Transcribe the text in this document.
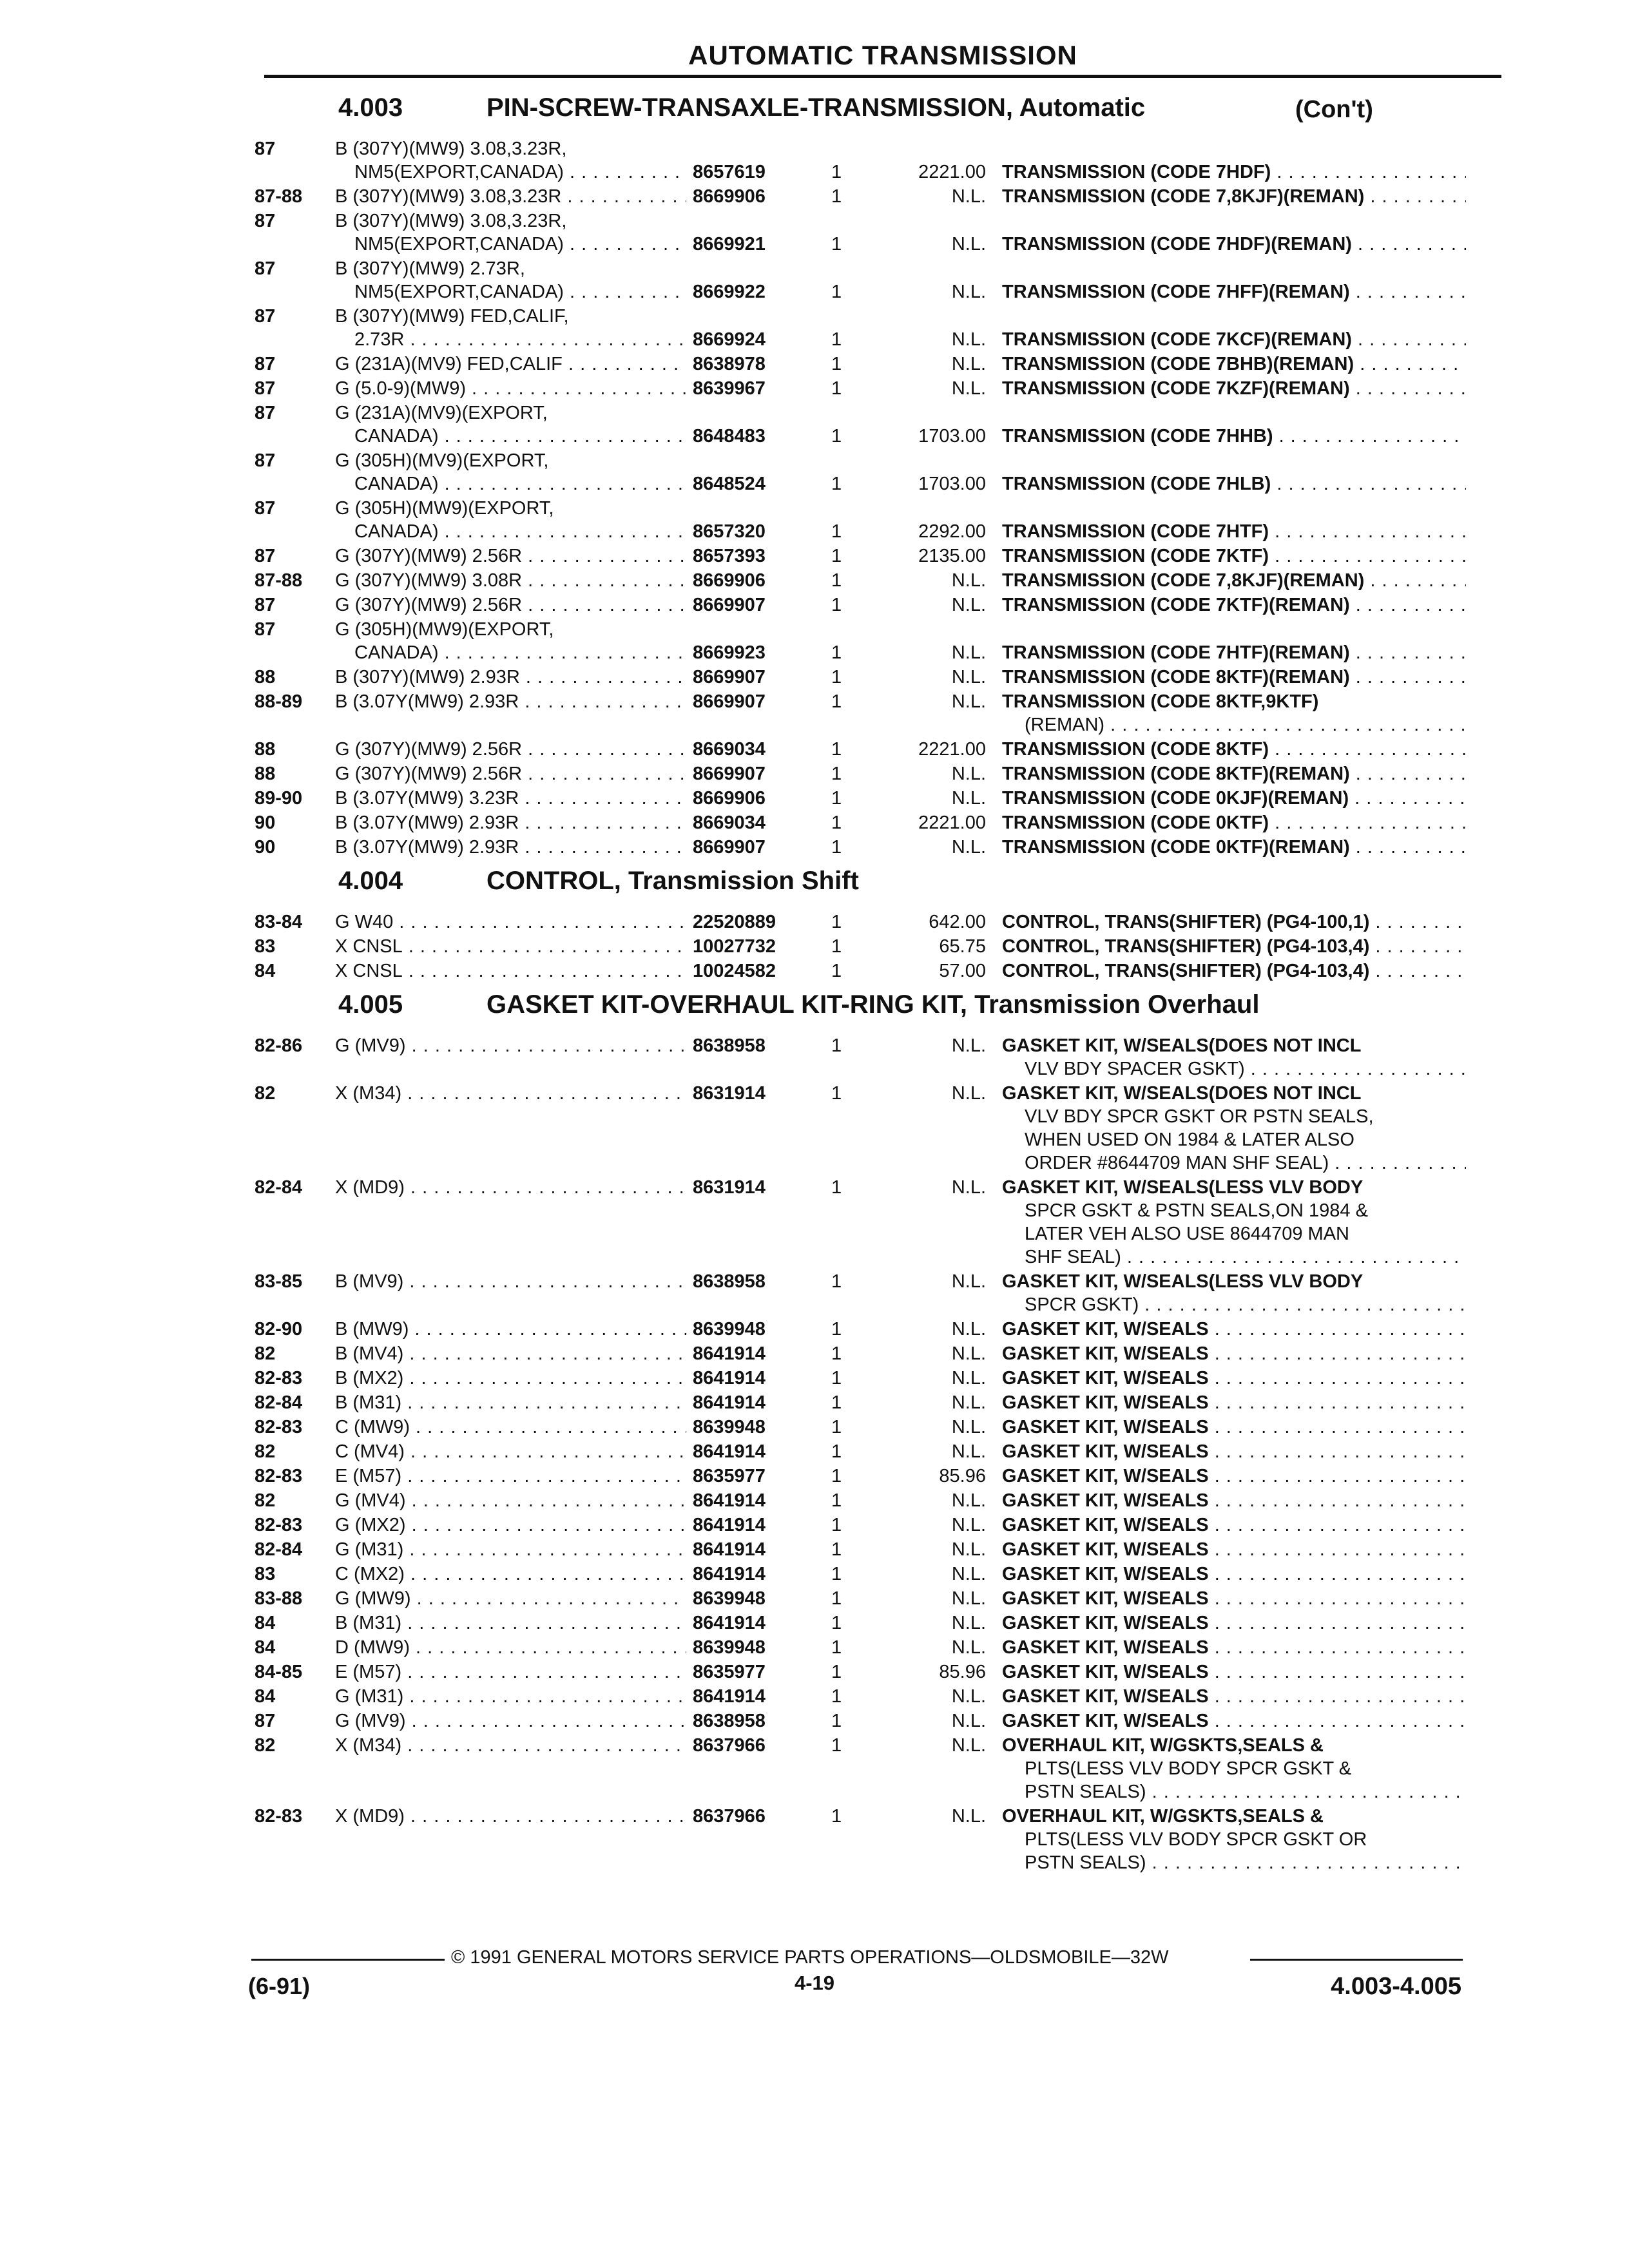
AUTOMATIC TRANSMISSION
4.003	PIN-SCREW-TRANSAXLE-TRANSMISSION, Automatic	(Con't)
87	B (307Y)(MW9) 3.08,3.23R,
NM5(EXPORT,CANADA) . . .	8657619	1	2221.00 TRANSMISSION (CODE 7HDF) . . .
87-88	B (307Y)(MW9) 3.08,3.23R . . .	8669906	1	N.L. TRANSMISSION (CODE 7,8KJF)(REMAN) . . .
87	B (307Y)(MW9) 3.08,3.23R,
NM5(EXPORT,CANADA) . . .	8669921	1	N.L. TRANSMISSION (CODE 7HDF)(REMAN) . . .
87	B (307Y)(MW9) 2.73R,
NM5(EXPORT,CANADA) . . .	8669922	1	N.L. TRANSMISSION (CODE 7HFF)(REMAN) . . .
87	B (307Y)(MW9) FED,CALIF,
2.73R . . .	8669924	1	N.L. TRANSMISSION (CODE 7KCF)(REMAN) . . .
87	G (231A)(MV9) FED,CALIF . . .	8638978	1	N.L. TRANSMISSION (CODE 7BHB)(REMAN) . . .
87	G (5.0-9)(MW9) . . .	8639967	1	N.L. TRANSMISSION (CODE 7KZF)(REMAN) . . .
87	G (231A)(MV9)(EXPORT,
CANADA) . . .	8648483	1	1703.00 TRANSMISSION (CODE 7HHB) . . .
87	G (305H)(MV9)(EXPORT,
CANADA) . . .	8648524	1	1703.00 TRANSMISSION (CODE 7HLB) . . .
87	G (305H)(MW9)(EXPORT,
CANADA) . . .	8657320	1	2292.00 TRANSMISSION (CODE 7HTF) . . .
87	G (307Y)(MW9) 2.56R . . .	8657393	1	2135.00 TRANSMISSION (CODE 7KTF) . . .
87-88	G (307Y)(MW9) 3.08R . . .	8669906	1	N.L. TRANSMISSION (CODE 7,8KJF)(REMAN) . . .
87	G (307Y)(MW9) 2.56R . . .	8669907	1	N.L. TRANSMISSION (CODE 7KTF)(REMAN) . . .
87	G (305H)(MW9)(EXPORT,
CANADA) . . .	8669923	1	N.L. TRANSMISSION (CODE 7HTF)(REMAN) . . .
88	B (307Y)(MW9) 2.93R . . .	8669907	1	N.L. TRANSMISSION (CODE 8KTF)(REMAN) . . .
88-89	B (3.07Y(MW9) 2.93R . . .	8669907	1	N.L. TRANSMISSION (CODE 8KTF,9KTF)
(REMAN) . . .
88	G (307Y)(MW9) 2.56R . . .	8669034	1	2221.00 TRANSMISSION (CODE 8KTF) . . .
88	G (307Y)(MW9) 2.56R . . .	8669907	1	N.L. TRANSMISSION (CODE 8KTF)(REMAN) . . .
89-90	B (3.07Y(MW9) 3.23R . . .	8669906	1	N.L. TRANSMISSION (CODE 0KJF)(REMAN) . . .
90	B (3.07Y(MW9) 2.93R . . .	8669034	1	2221.00 TRANSMISSION (CODE 0KTF) . . .
90	B (3.07Y(MW9) 2.93R . . .	8669907	1	N.L. TRANSMISSION (CODE 0KTF)(REMAN) . . .
4.004	CONTROL, Transmission Shift
83-84	G W40 . . .	22520889	1	642.00 CONTROL, TRANS(SHIFTER) (PG4-100,1) . . .
83	X CNSL . . .	10027732	1	65.75 CONTROL, TRANS(SHIFTER) (PG4-103,4) . . .
84	X CNSL . . .	10024582	1	57.00 CONTROL, TRANS(SHIFTER) (PG4-103,4) . . .
4.005	GASKET KIT-OVERHAUL KIT-RING KIT, Transmission Overhaul
82-86	G (MV9) . . .	8638958	1	N.L. GASKET KIT, W/SEALS(DOES NOT INCL
VLV BDY SPACER GSKT) . . .
82	X (M34) . . .	8631914	1	N.L. GASKET KIT, W/SEALS(DOES NOT INCL
VLV BDY SPCR GSKT OR PSTN SEALS,
WHEN USED ON 1984 & LATER ALSO
ORDER #8644709 MAN SHF SEAL) . . .
82-84	X (MD9) . . .	8631914	1	N.L. GASKET KIT, W/SEALS(LESS VLV BODY
SPCR GSKT & PSTN SEALS,ON 1984 &
LATER VEH ALSO USE 8644709 MAN
SHF SEAL) . . .
83-85	B (MV9) . . .	8638958	1	N.L. GASKET KIT, W/SEALS(LESS VLV BODY
SPCR GSKT) . . .
82-90	B (MW9) . . .	8639948	1	N.L. GASKET KIT, W/SEALS . . .
82	B (MV4) . . .	8641914	1	N.L. GASKET KIT, W/SEALS . . .
82-83	B (MX2) . . .	8641914	1	N.L. GASKET KIT, W/SEALS . . .
82-84	B (M31) . . .	8641914	1	N.L. GASKET KIT, W/SEALS . . .
82-83	C (MW9) . . .	8639948	1	N.L. GASKET KIT, W/SEALS . . .
82	C (MV4) . . .	8641914	1	N.L. GASKET KIT, W/SEALS . . .
82-83	E (M57) . . .	8635977	1	85.96 GASKET KIT, W/SEALS . . .
82	G (MV4) . . .	8641914	1	N.L. GASKET KIT, W/SEALS . . .
82-83	G (MX2) . . .	8641914	1	N.L. GASKET KIT, W/SEALS . . .
82-84	G (M31) . . .	8641914	1	N.L. GASKET KIT, W/SEALS . . .
83	C (MX2) . . .	8641914	1	N.L. GASKET KIT, W/SEALS . . .
83-88	G (MW9) . . .	8639948	1	N.L. GASKET KIT, W/SEALS . . .
84	B (M31) . . .	8641914	1	N.L. GASKET KIT, W/SEALS . . .
84	D (MW9) . . .	8639948	1	N.L. GASKET KIT, W/SEALS . . .
84-85	E (M57) . . .	8635977	1	85.96 GASKET KIT, W/SEALS . . .
84	G (M31) . . .	8641914	1	N.L. GASKET KIT, W/SEALS . . .
87	G (MV9) . . .	8638958	1	N.L. GASKET KIT, W/SEALS . . .
82	X (M34) . . .	8637966	1	N.L. OVERHAUL KIT, W/GSKTS,SEALS &
PLTS(LESS VLV BODY SPCR GSKT &
PSTN SEALS) . . .
82-83	X (MD9) . . .	8637966	1	N.L. OVERHAUL KIT, W/GSKTS,SEALS &
PLTS(LESS VLV BODY SPCR GSKT OR
PSTN SEALS) . . .
© 1991 GENERAL MOTORS SERVICE PARTS OPERATIONS—OLDSMOBILE—32W
(6-91)	4-19	4.003-4.005
